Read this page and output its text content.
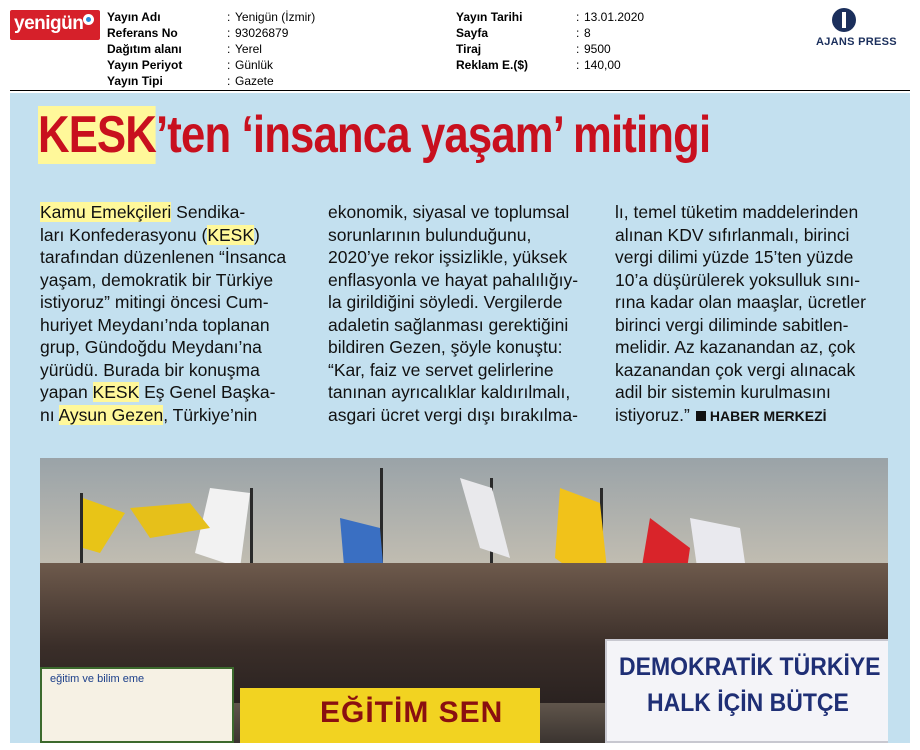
yenigün Yayın Adı	: Yenigün (İzmir)
Referans No	: 93026879
Dağıtım alanı	: Yerel
Yayın Periyot	: Günlük
Yayın Tipi	: Gazete
Yayın Tarihi	: 13.01.2020
Sayfa	: 8
Tiraj	: 9500
Reklam E.($)	: 140,00
AJANS PRESS
KESK’ten ‘insanca yaşam’ mitingi

Kamu Emekçileri Sendika-

ları Konfederasyonu (KESK)

tarafından düzenlenen “İnsanca

yaşam, demokratik bir Türkiye

istiyoruz” mitingi öncesi Cum-

huriyet Meydanı’nda toplanan

grup, Gündoğdu Meydanı’na

yürüdü. Burada bir konuşma

yapan KESK Eş Genel Başka-

nı Aysun Gezen, Türkiye’nin

ekonomik, siyasal ve toplumsal

sorunlarının bulunduğunu,

2020’ye rekor işsizlikle, yüksek

enflasyonla ve hayat pahalılığıy-

la girildiğini söyledi. Vergilerde

adaletin sağlanması gerektiğini

bildiren Gezen, şöyle konuştu:

“Kar, faiz ve servet gelirlerine

tanınan ayrıcalıklar kaldırılmalı,

asgari ücret vergi dışı bırakılma-

lı, temel tüketim maddelerinden

alınan KDV sıfırlanmalı, birinci

vergi dilimi yüzde 15’ten yüzde

10’a düşürülerek yoksulluk sını-

rına kadar olan maaşlar, ücretler

birinci vergi diliminde sabitlen-

melidir. Az kazanandan az, çok

kazanandan çok vergi alınacak

adil bir sistemin kurulmasını

istiyoruz.” HABER MERKEZİ

eğitim ve bilim eme
EĞİTİM SEN
DEMOKRATİK TÜRKİYE
HALK İÇİN BÜTÇE
